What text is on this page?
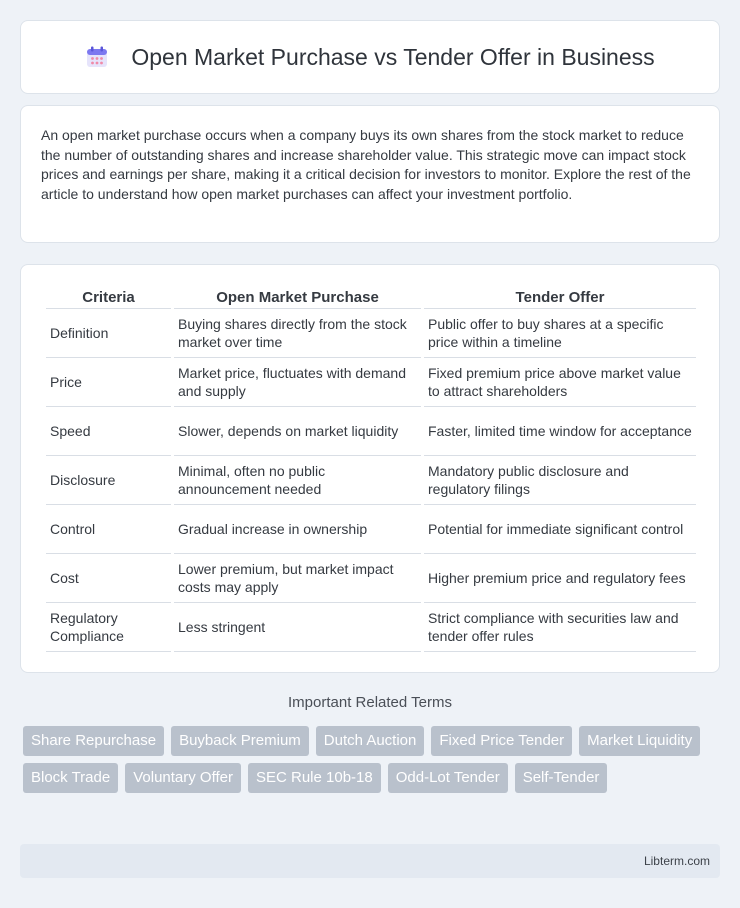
Open Market Purchase vs Tender Offer in Business

An open market purchase occurs when a company buys its own shares from the stock market to reduce the number of outstanding shares and increase shareholder value. This strategic move can impact stock prices and earnings per share, making it a critical decision for investors to monitor. Explore the rest of the article to understand how open market purchases can affect your investment portfolio.

Criteria	Open Market Purchase	Tender Offer
Definition	Buying shares directly from the stock market over time	Public offer to buy shares at a specific price within a timeline
Price	Market price, fluctuates with demand and supply	Fixed premium price above market value to attract shareholders
Speed	Slower, depends on market liquidity	Faster, limited time window for acceptance
Disclosure	Minimal, often no public announcement needed	Mandatory public disclosure and regulatory filings
Control	Gradual increase in ownership	Potential for immediate significant control
Cost	Lower premium, but market impact costs may apply	Higher premium price and regulatory fees
Regulatory Compliance	Less stringent	Strict compliance with securities law and tender offer rules
Important Related Terms
Share Repurchase	Buyback Premium	Dutch Auction	Fixed Price Tender	Market Liquidity
Block Trade	Voluntary Offer	SEC Rule 10b-18	Odd-Lot Tender	Self-Tender
Libterm.com
